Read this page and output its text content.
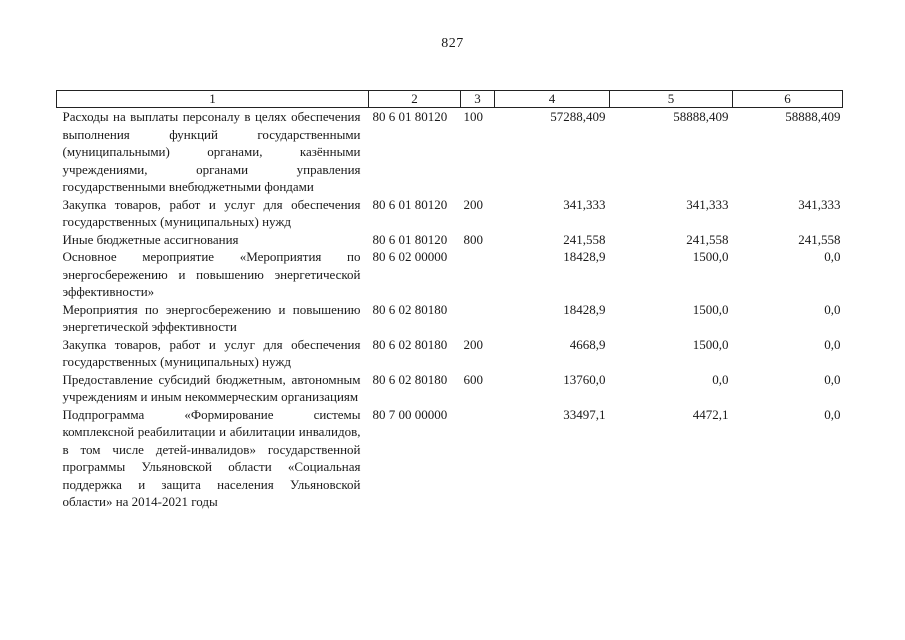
827
1	2	3	4	5	6
Расходы на выплаты персоналу в целях обеспечения выполнения функций государственными (муниципальными) органами, казёнными учреждениями, органами управления государственными внебюджетными фондами	80 6 01 80120	100	57288,409	58888,409	58888,409
Закупка товаров, работ и услуг для обеспечения государственных (муниципальных) нужд	80 6 01 80120	200	341,333	341,333	341,333
Иные бюджетные ассигнования	80 6 01 80120	800	241,558	241,558	241,558
Основное мероприятие «Мероприятия по энергосбережению и повышению энергетической эффективности»	80 6 02 00000		18428,9	1500,0	0,0
Мероприятия по энергосбережению и повышению энергетической эффективности	80 6 02 80180		18428,9	1500,0	0,0
Закупка товаров, работ и услуг для обеспечения государственных (муниципальных) нужд	80 6 02 80180	200	4668,9	1500,0	0,0
Предоставление субсидий бюджетным, автономным учреждениям и иным некоммерческим организациям	80 6 02 80180	600	13760,0	0,0	0,0
Подпрограмма «Формирование системы комплексной реабилитации и абилитации инвалидов, в том числе детей-инвалидов» государственной программы Ульяновской области «Социальная поддержка и защита населения Ульяновской области» на 2014-2021 годы	80 7 00 00000		33497,1	4472,1	0,0
